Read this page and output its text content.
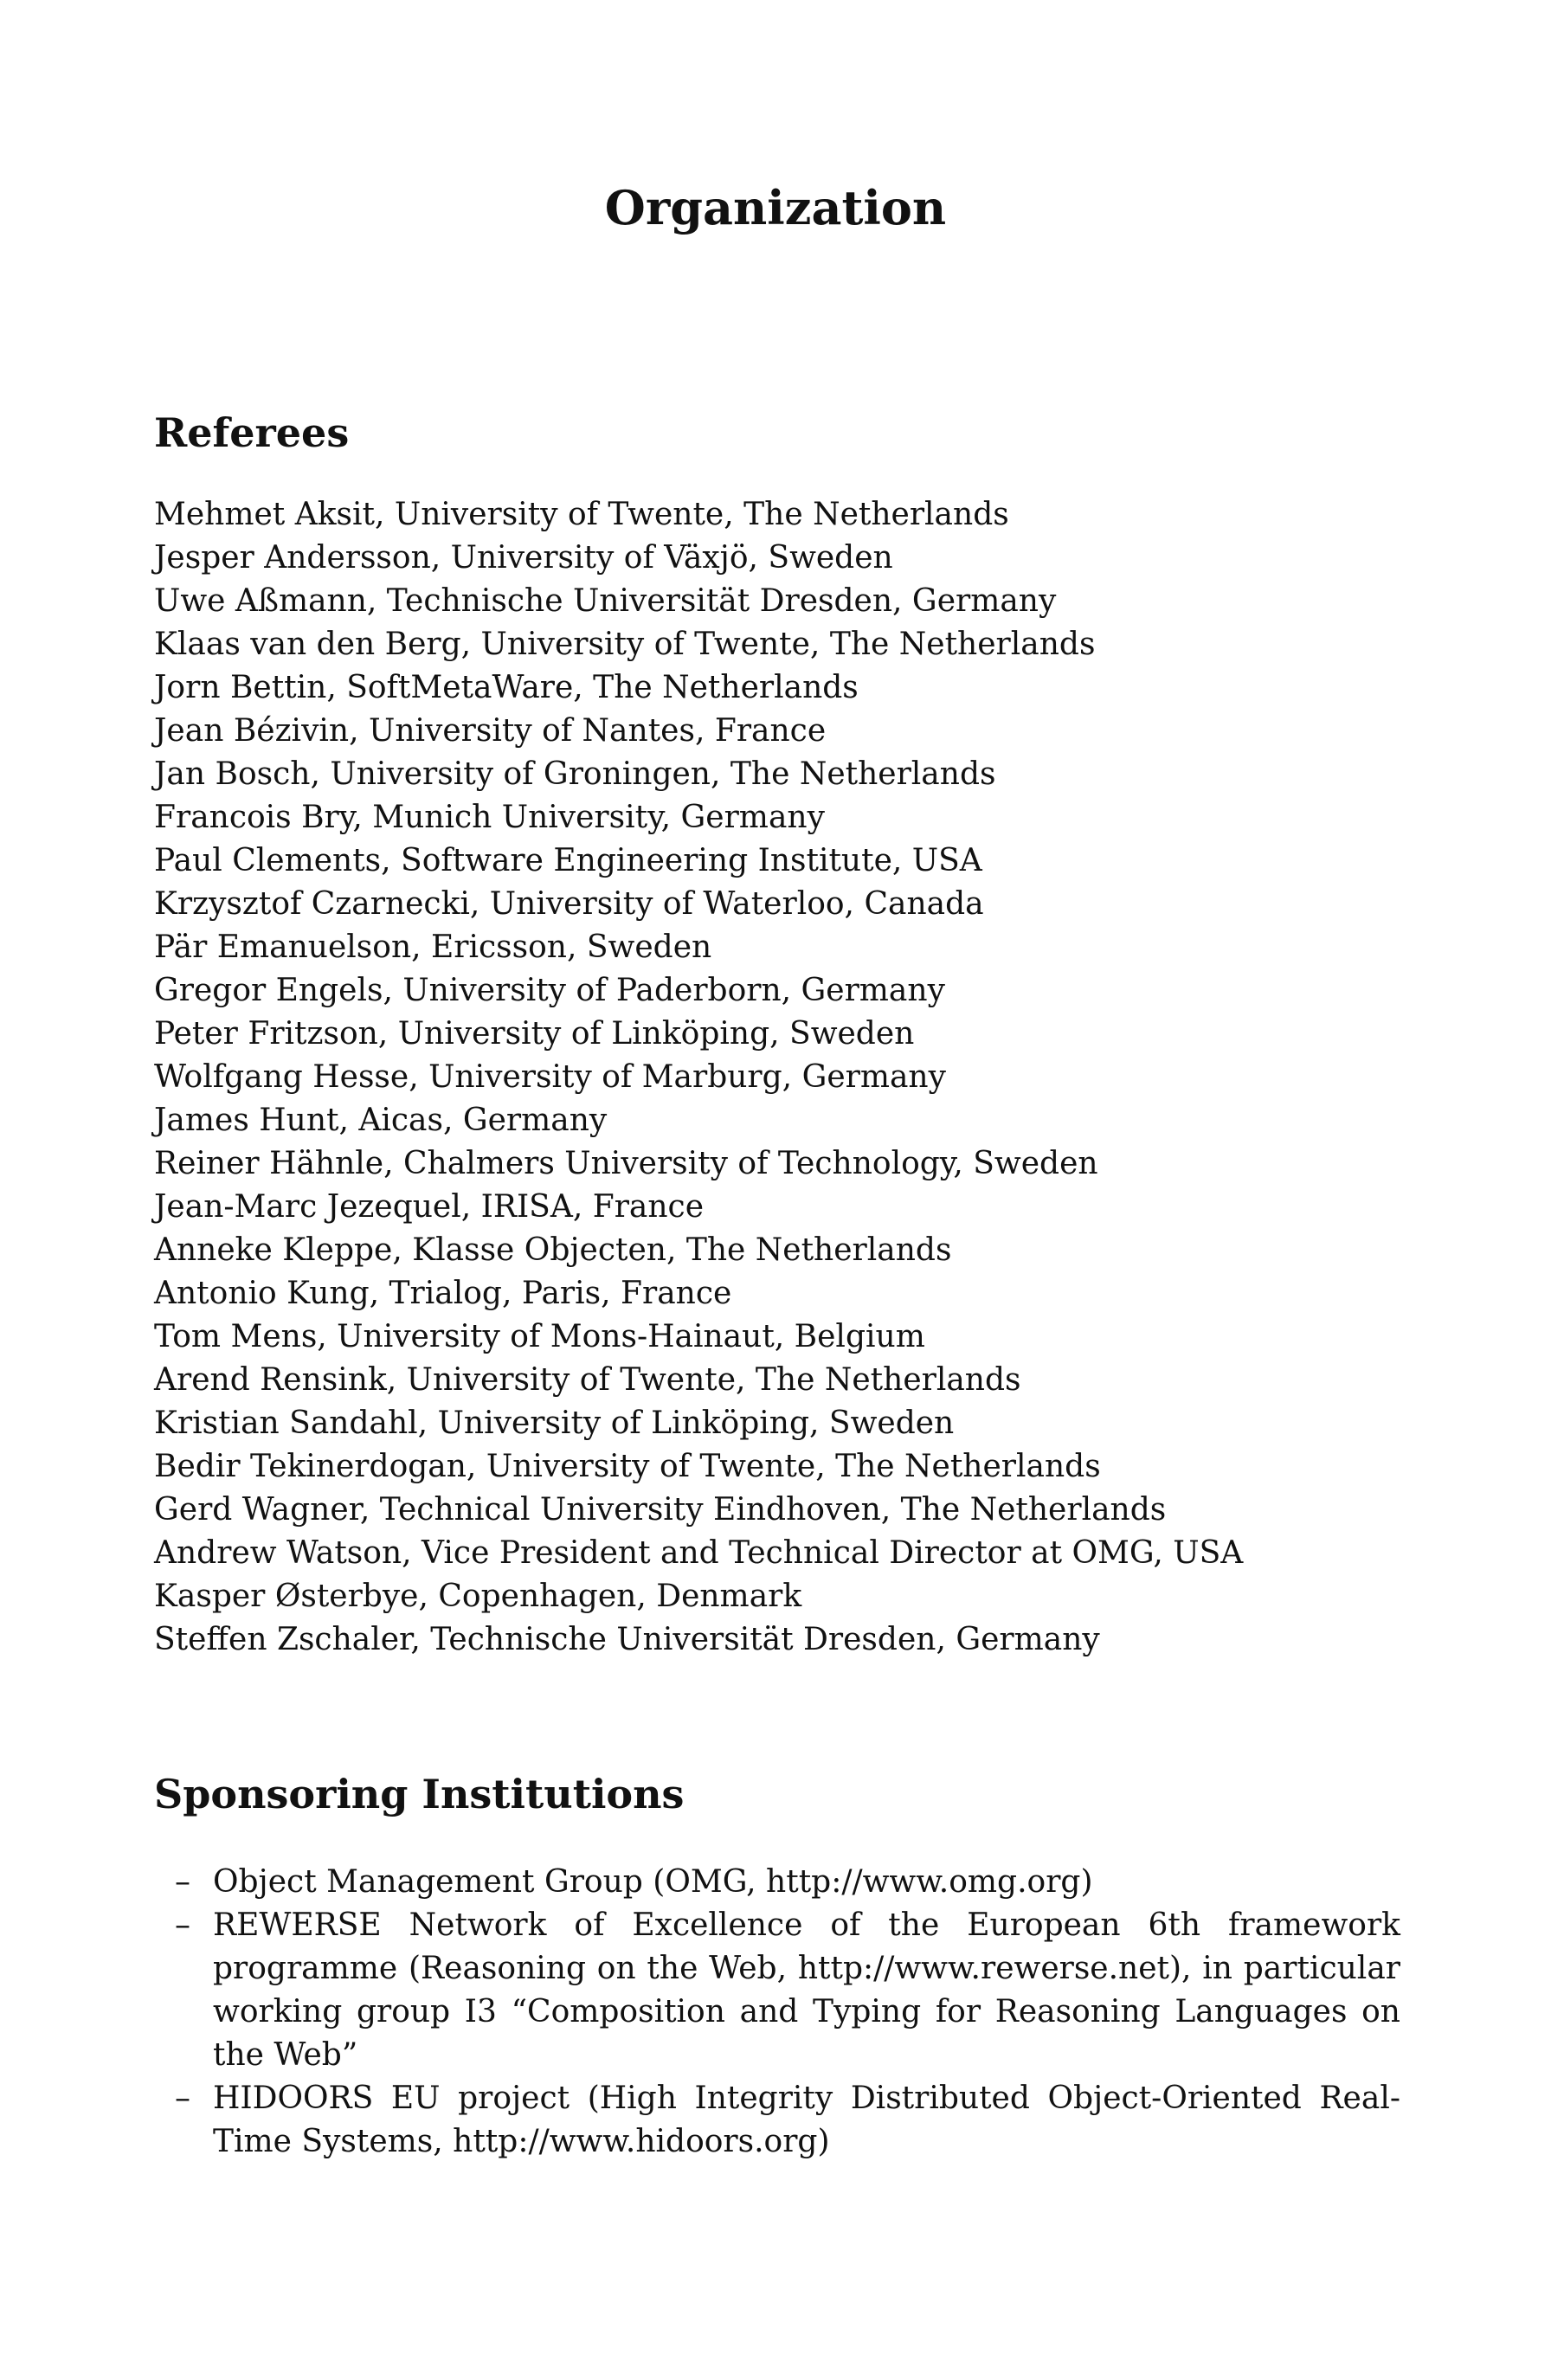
Organization
Referees
Mehmet Aksit, University of Twente, The Netherlands
Jesper Andersson, University of Växjö, Sweden
Uwe Aßmann, Technische Universität Dresden, Germany
Klaas van den Berg, University of Twente, The Netherlands
Jorn Bettin, SoftMetaWare, The Netherlands
Jean Bézivin, University of Nantes, France
Jan Bosch, University of Groningen, The Netherlands
Francois Bry, Munich University, Germany
Paul Clements, Software Engineering Institute, USA
Krzysztof Czarnecki, University of Waterloo, Canada
Pär Emanuelson, Ericsson, Sweden
Gregor Engels, University of Paderborn, Germany
Peter Fritzson, University of Linköping, Sweden
Wolfgang Hesse, University of Marburg, Germany
James Hunt, Aicas, Germany
Reiner Hähnle, Chalmers University of Technology, Sweden
Jean-Marc Jezequel, IRISA, France
Anneke Kleppe, Klasse Objecten, The Netherlands
Antonio Kung, Trialog, Paris, France
Tom Mens, University of Mons-Hainaut, Belgium
Arend Rensink, University of Twente, The Netherlands
Kristian Sandahl, University of Linköping, Sweden
Bedir Tekinerdogan, University of Twente, The Netherlands
Gerd Wagner, Technical University Eindhoven, The Netherlands
Andrew Watson, Vice President and Technical Director at OMG, USA
Kasper Østerbye, Copenhagen, Denmark
Steffen Zschaler, Technische Universität Dresden, Germany
Sponsoring Institutions
– Object Management Group (OMG, http://www.omg.org)
– REWERSE Network of Excellence of the European 6th framework programme (Reasoning on the Web, http://www.rewerse.net), in particular working group I3 “Composition and Typing for Reasoning Languages on the Web”
– HIDOORS EU project (High Integrity Distributed Object-Oriented Real-Time Systems, http://www.hidoors.org)
